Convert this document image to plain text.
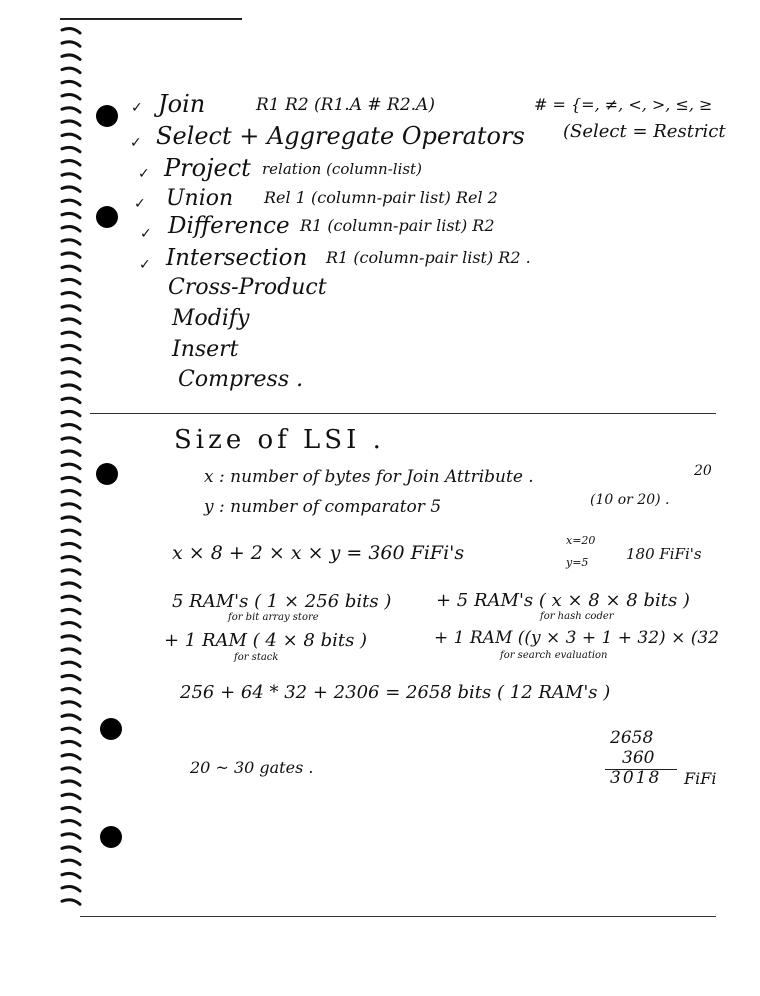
✓ Join	R1 R2 (R1.A # R2.A)	# = {=, ≠, <, >, ≤, ≥
✓ Select + Aggregate Operators (Select = Restrict
✓ Project relation (column-list)
✓ Union Rel 1 (column-pair list) Rel 2
✓ Difference R1 (column-pair list) R2
✓ Intersection R1 (column-pair list) R2 .
Cross-Product
Modify
Insert
Compress .
Size of LSI .
x : number of bytes for Join Attribute .	20
y : number of comparator 5	(10 or 20) .
x × 8 + 2 × x × y = 360 FiFi's
x=20
y=5	180 FiFi's
5 RAM's ( 1 × 256 bits )
for bit array store
+ 5 RAM's ( x × 8 × 8 bits )
for hash coder
+ 1 RAM ( 4 × 8 bits )
for stack
+ 1 RAM ((y × 3 + 1 + 32) × (32
for search evaluation
256 + 64 * 32 + 2306 = 2658 bits ( 12 RAM's )
20 ~ 30 gates .
2658
360
3018 FiFi
